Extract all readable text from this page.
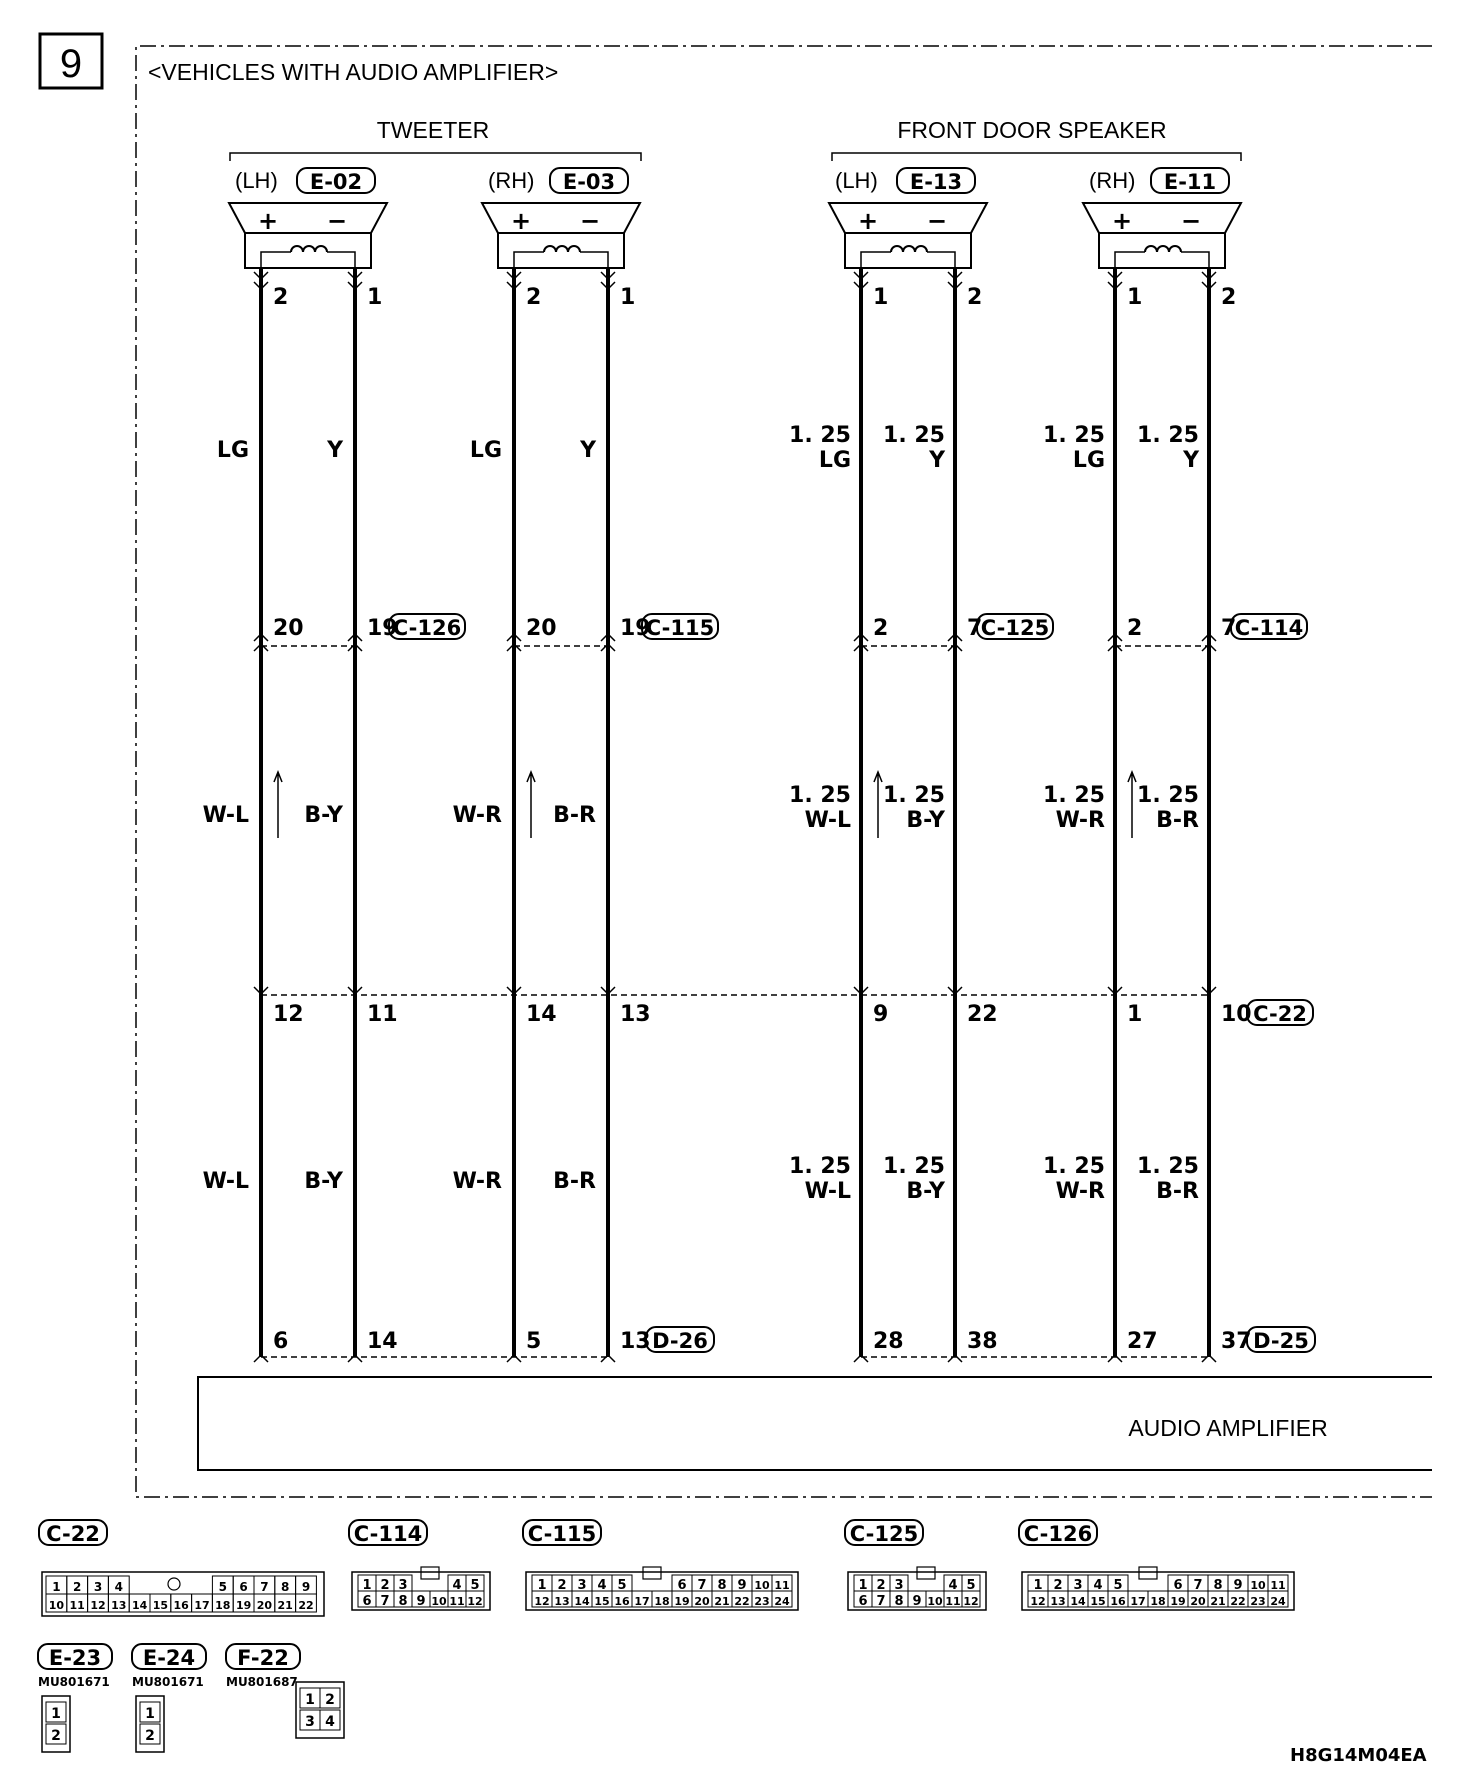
9	<VEHICLES WITH AUDIO AMPLIFIER>
TWEETER	FRONT DOOR SPEAKER
(LH) E-02
+ −
2	1
LG	Y
20	19
C-126
W-L	B-Y
12	11
W-L	B-Y
6	14
(RH) E-03
+ −
2	1
LG	Y
20	19
C-115
W-R B-R
14	13
W-R B-R
5	13 D-26
(LH) E-13
+ −
1	2
1. 25
LG
1. 25
Y
2	7
C-125
1. 25
W-L
1. 25
B-Y
9	22
1. 25
W-L
1. 25
B-Y
28	38
(RH) E-11
+ −
1	2
1. 25
LG
1. 25
Y
2	7
C-114
1. 25
W-R
1. 25
B-R
1	10 C-22
1. 25
W-R
1. 25
B-R
27	37 D-25
AUDIO AMPLIFIER
C-115
12 13 14 15 16 17 18 19 20 21 22 23 24
1 2 3 4 5	6 7 8 9 10 11
C-126
12 13 14 15 16 17 18 19 20 21 22 23 24
1 2 3 4 5	6 7 8 9 10 11
C-114
6 7 8 9 10 11 12
1 2 3	4 5
C-125
6 7 8 9 10 11 12
1 2 3	4 5
C-22
10 11 12 13 14 15 16 17 18 19 20 21 22
1 2 3 4	5 6 7 8 9
E-23
MU801671
1
2
E-24
MU801671
1
2
F-22
MU801687
1 2
3 4
H8G14M04EA
